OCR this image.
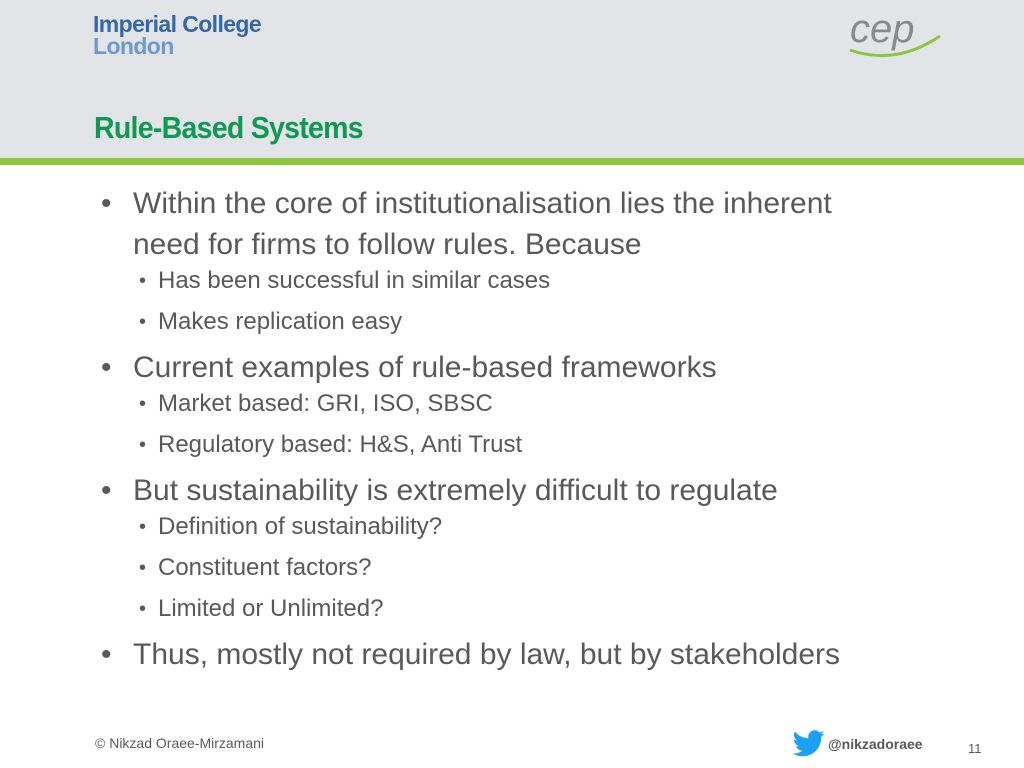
Imperial College
London	cep
Rule-Based Systems
• Within the core of institutionalisation lies the inherent
need for firms to follow rules. Because
• Has been successful in similar cases
• Makes replication easy
• Current examples of rule-based frameworks
• Market based: GRI, ISO, SBSC
• Regulatory based: H&S, Anti Trust
• But sustainability is extremely difficult to regulate
• Definition of sustainability?
• Constituent factors?
• Limited or Unlimited?
• Thus, mostly not required by law, but by stakeholders
© Nikzad Oraee-Mirzamani	@nikzadoraee	11
